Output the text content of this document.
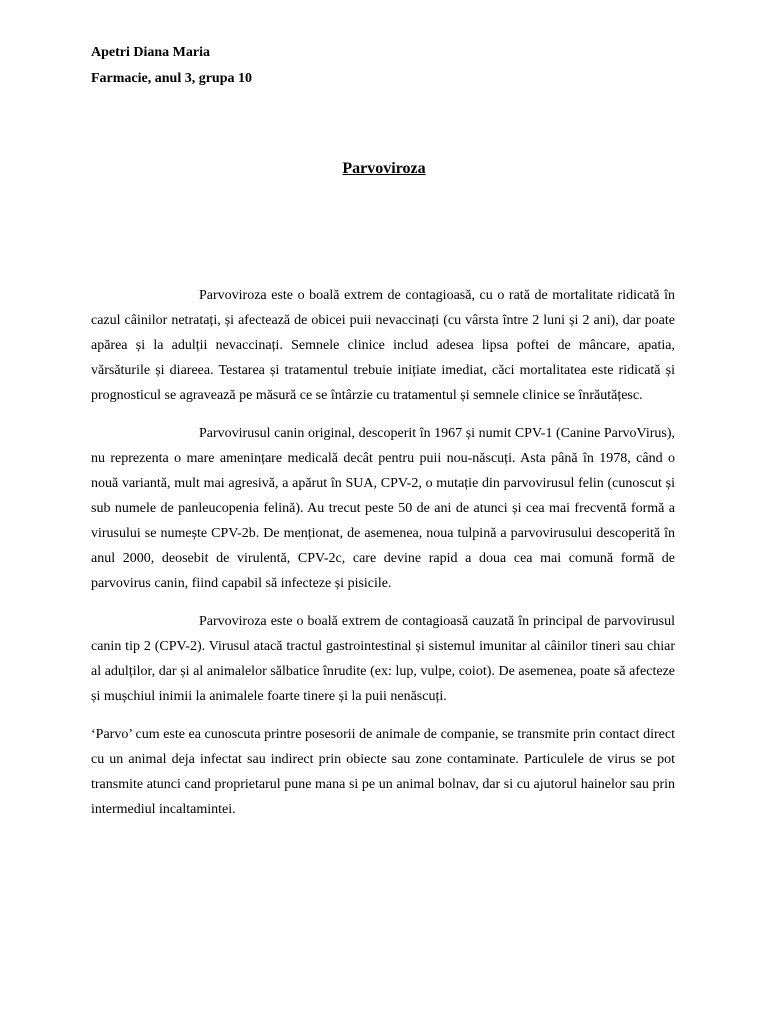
Apetri Diana Maria

Farmacie, anul 3, grupa 10

Parvoviroza

Parvoviroza este o boală extrem de contagioasă, cu o rată de mortalitate ridicată în cazul câinilor netratați, și afectează de obicei puii nevaccinați (cu vârsta între 2 luni și 2 ani), dar poate apărea și la adulții nevaccinați. Semnele clinice includ adesea lipsa poftei de mâncare, apatia, vărsăturile și diareea. Testarea și tratamentul trebuie inițiate imediat, căci mortalitatea este ridicată și prognosticul se agravează pe măsură ce se întârzie cu tratamentul și semnele clinice se înrăutățesc.

Parvovirusul canin original, descoperit în 1967 și numit CPV-1 (Canine ParvoVirus), nu reprezenta o mare amenințare medicală decât pentru puii nou-născuți. Asta până în 1978, când o nouă variantă, mult mai agresivă, a apărut în SUA, CPV-2, o mutație din parvovirusul felin (cunoscut și sub numele de panleucopenia felină). Au trecut peste 50 de ani de atunci și cea mai frecventă formă a virusului se numește CPV-2b. De menționat, de asemenea, noua tulpină a parvovirusului descoperită în anul 2000, deosebit de virulentă, CPV-2c, care devine rapid a doua cea mai comună formă de parvovirus canin, fiind capabil să infecteze și pisicile.

Parvoviroza este o boală extrem de contagioasă cauzată în principal de parvovirusul canin tip 2 (CPV-2). Virusul atacă tractul gastrointestinal și sistemul imunitar al câinilor tineri sau chiar al adulților, dar și al animalelor sălbatice înrudite (ex: lup, vulpe, coiot). De asemenea, poate să afecteze și mușchiul inimii la animalele foarte tinere și la puii nenăscuți.

‘Parvo’ cum este ea cunoscuta printre posesorii de animale de companie, se transmite prin contact direct cu un animal deja infectat sau indirect prin obiecte sau zone contaminate. Particulele de virus se pot transmite atunci cand proprietarul pune mana si pe un animal bolnav, dar si cu ajutorul hainelor sau prin intermediul incaltamintei.
